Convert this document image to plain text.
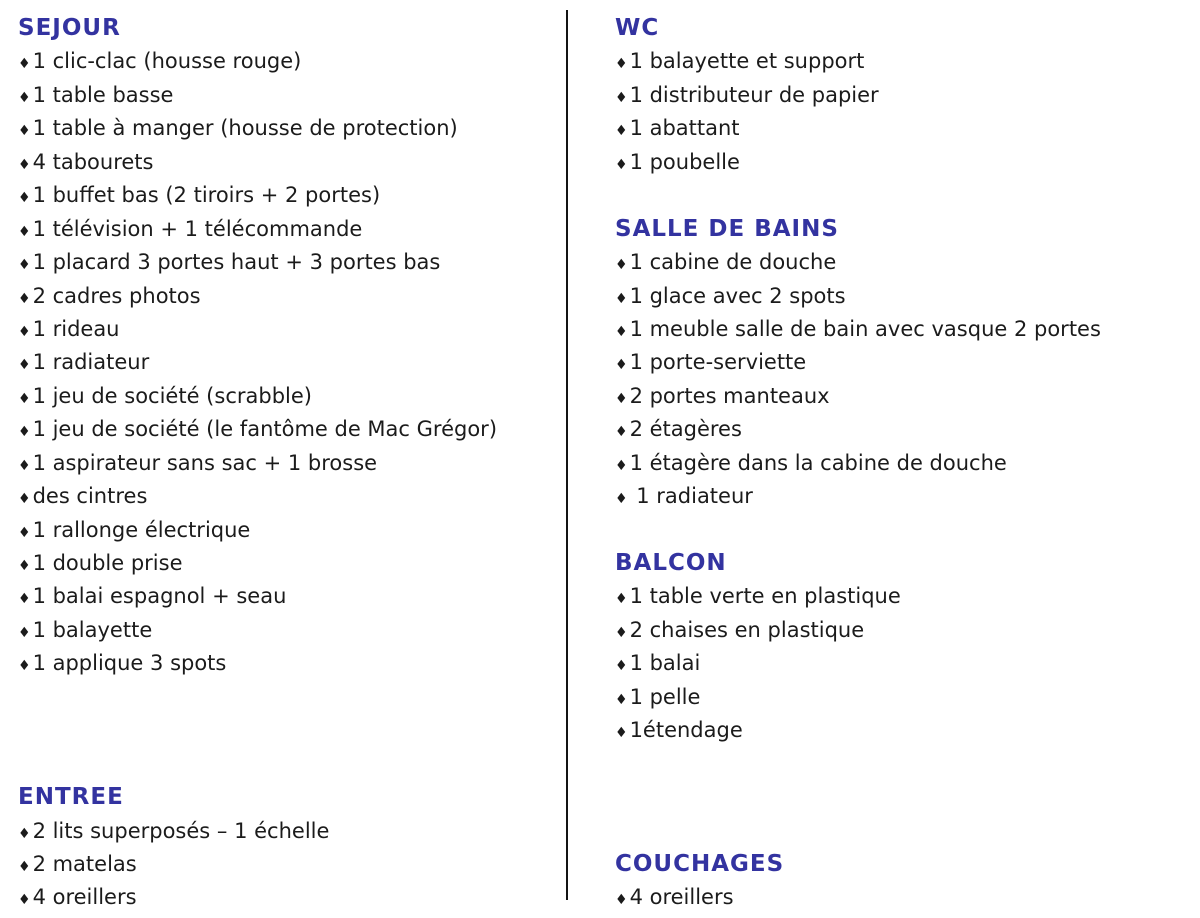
SEJOUR
♦1 clic-clac (housse rouge)
♦1 table basse
♦1 table à manger (housse de protection)
♦4 tabourets
♦1 buffet bas (2 tiroirs + 2 portes)
♦1 télévision + 1 télécommande
♦1 placard 3 portes haut + 3 portes bas
♦2 cadres photos
♦1 rideau
♦1 radiateur
♦1 jeu de société (scrabble)
♦1 jeu de société (le fantôme de Mac Grégor)
♦1 aspirateur sans sac + 1 brosse
♦des cintres
♦1 rallonge électrique
♦1 double prise
♦1 balai espagnol + seau
♦1 balayette
♦1 applique 3 spots
ENTREE
♦2 lits superposés – 1 échelle
♦2 matelas
♦4 oreillers
WC
♦1 balayette et support
♦1 distributeur de papier
♦1 abattant
♦1 poubelle
SALLE DE BAINS
♦1 cabine de douche
♦1 glace avec 2 spots
♦1 meuble salle de bain avec vasque 2 portes
♦1 porte-serviette
♦2 portes manteaux
♦2 étagères
♦1 étagère dans la cabine de douche
♦ 1 radiateur
BALCON
♦1 table verte en plastique
♦2 chaises en plastique
♦1 balai
♦1 pelle
♦1étendage
COUCHAGES
♦4 oreillers
